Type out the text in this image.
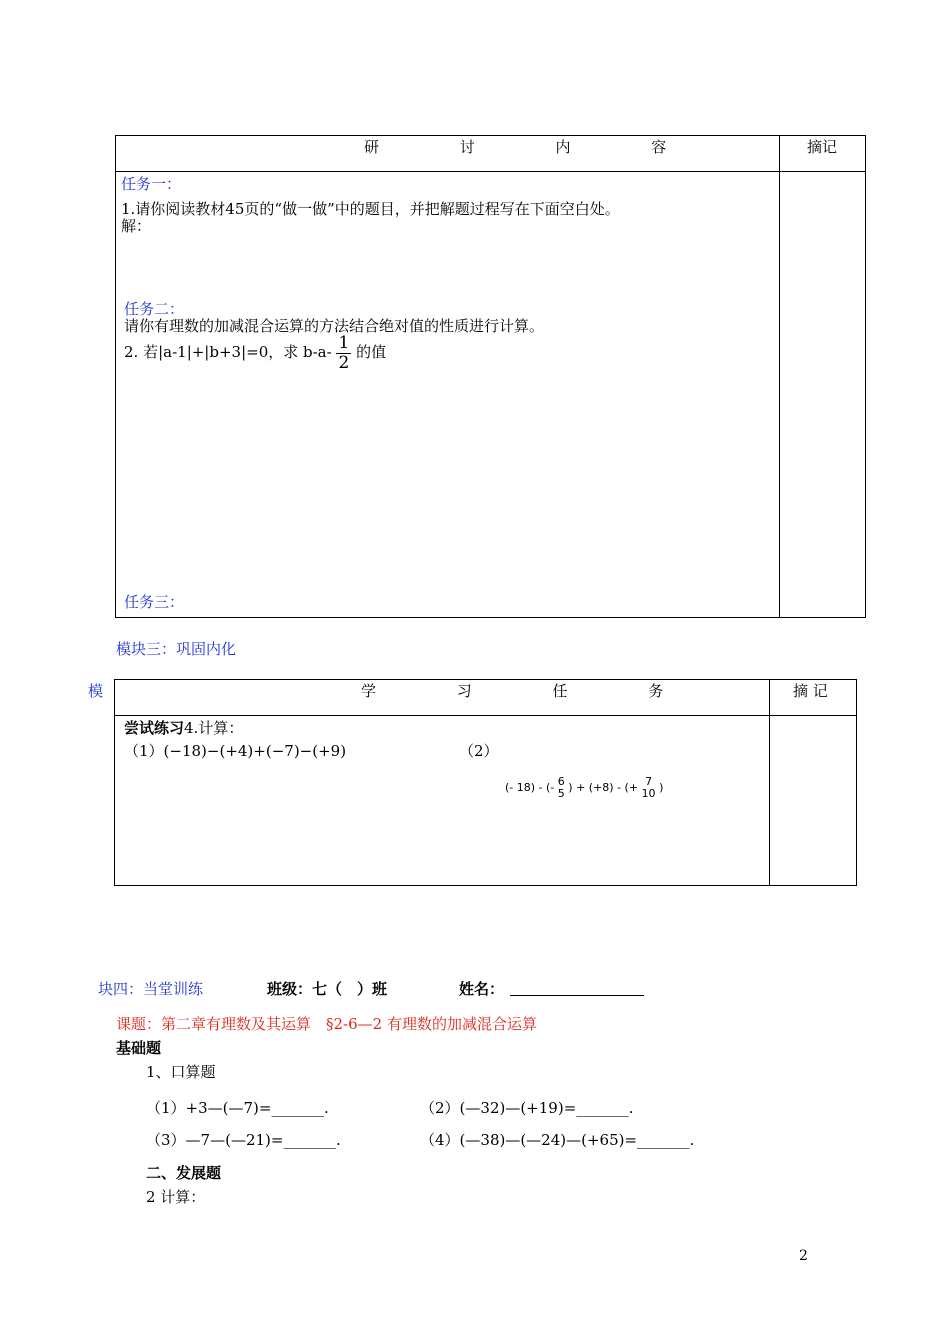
研 讨 内 容	摘记
任务一：
1.请你阅读教材45页的“做一做”中的题目，并把解题过程写在下面空白处。
解：
任务二：
请你有理数的加减混合运算的方法结合绝对值的性质进行计算。
2. 若|a-1|+|b+3|=0，求 $b-a- \frac{1}{2}$ 的值
任务三：
模块三：巩固内化
模	学 习 任 务	摘 记
尝试练习4.计算：
（1）(−18)−(+4)+(−7)−(+9)	（2）
(- 18) - (- 6
5 ) + (+8) - (+ 7
10 )
块四：当堂训练	班级：七（　）班	姓名：
课题：第二章有理数及其运算　§2-6—2 有理数的加减混合运算
基础题
1、口算题
（1）+3—(—7)=_______.	（2）(—32)—(+19)=_______.
（3）—7—(—21)=_______.	（4）(—38)—(—24)—(+65)=_______.
二、发展题
2 计算：
2
